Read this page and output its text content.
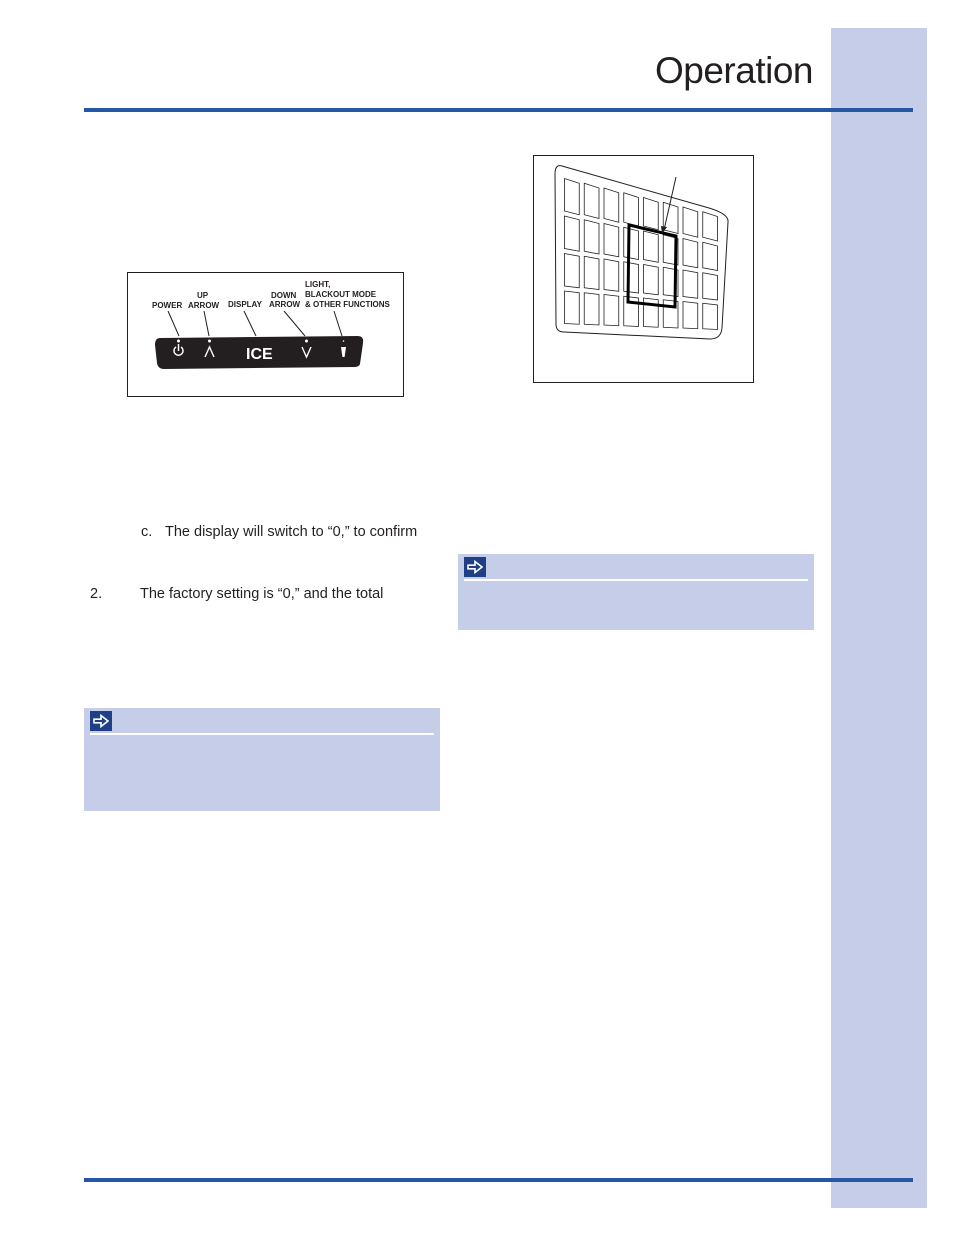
Operation
POWER
UP
ARROW DISPLAY
DOWN
ARROW
LIGHT,
BLACKOUT MODE
& OTHER FUNCTIONS
ICE
c. The display will switch to “0,” to confirm
2.	The factory setting is “0,” and the total
